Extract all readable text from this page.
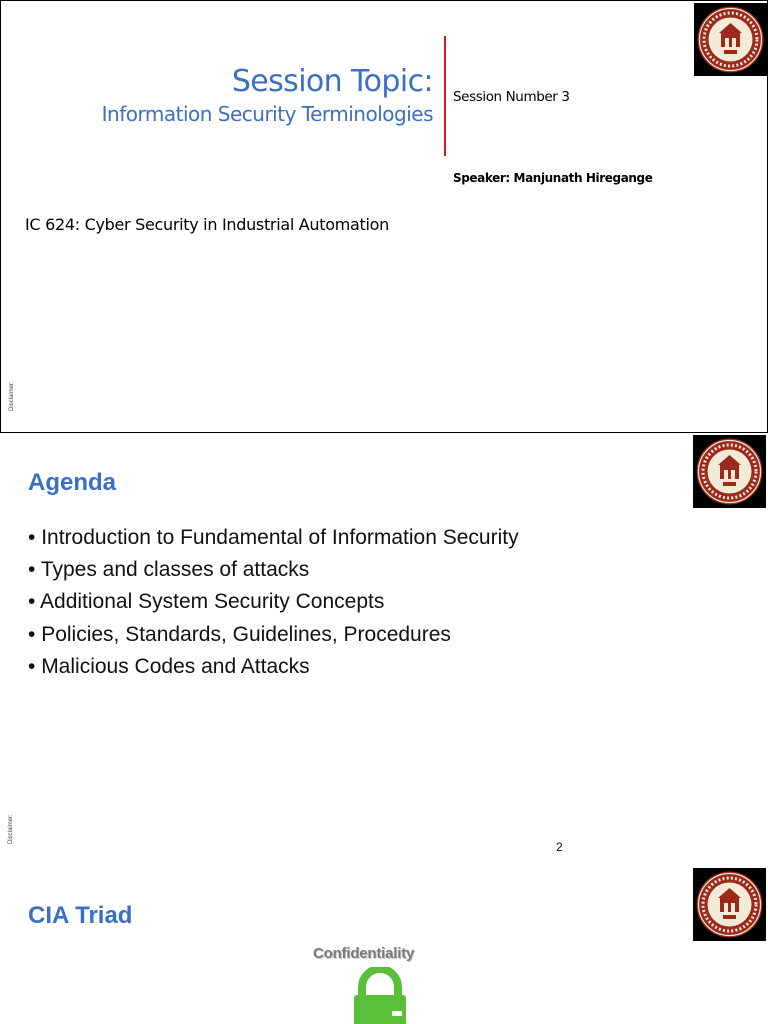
Session Topic:
Information Security Terminologies
Session Number 3
Speaker: Manjunath Hiregange
IC 624: Cyber Security in Industrial Automation
Disclaimer:
Agenda
• Introduction to Fundamental of Information Security
• Types and classes of attacks
• Additional System Security Concepts
• Policies, Standards, Guidelines, Procedures
• Malicious Codes and Attacks
2
Disclaimer:
CIA Triad
Confidentiality
